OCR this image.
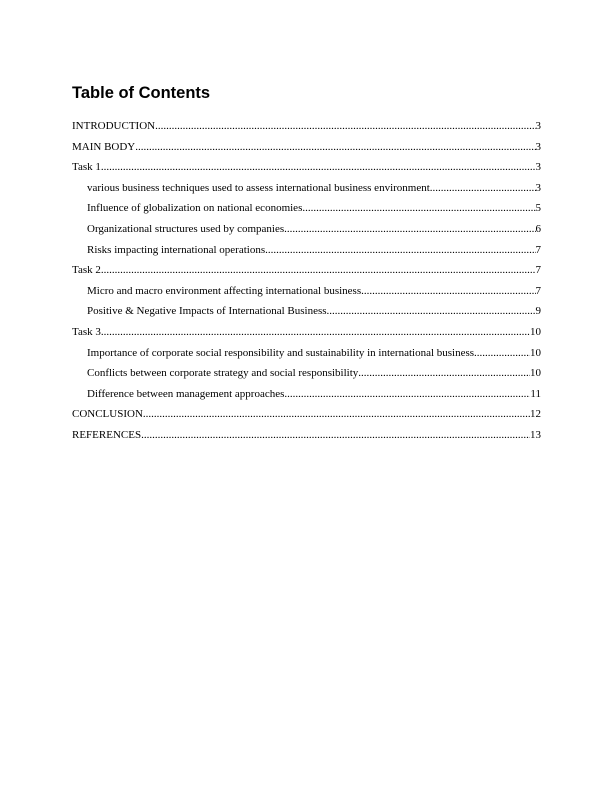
Table of Contents
INTRODUCTION .....	3
MAIN BODY .....	3
Task 1 .....	3
various business techniques used to assess international business environment .....	3
Influence of globalization on national economies .....	5
Organizational structures used by companies .....	6
Risks impacting international operations .....	7
Task 2 .....	7
Micro and macro environment affecting international business .....	7
Positive & Negative Impacts of International Business .....	9
Task 3 .....	10
Importance of corporate social responsibility and sustainability in international business .....	10
Conflicts between corporate strategy and social responsibility .....	10
Difference between management approaches .....	11
CONCLUSION .....	12
REFERENCES .....	13
